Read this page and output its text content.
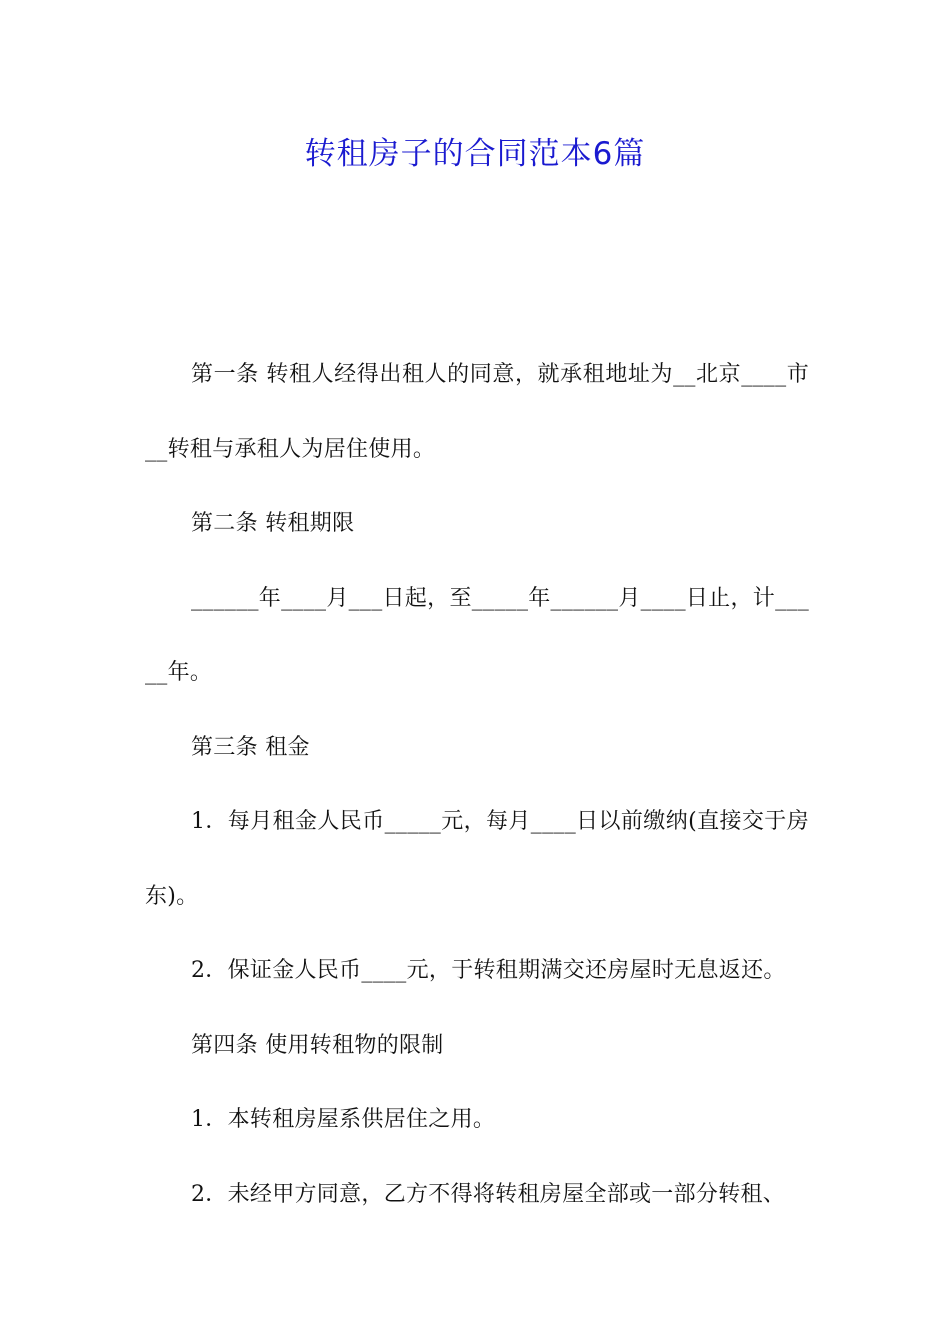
转租房子的合同范本6篇

第一条 转租人经得出租人的同意，就承租地址为__北京____市__转租与承租人为居住使用。

第二条 转租期限

______年____月___日起，至_____年______月____日止，计_____年。

第三条 租金

1．每月租金人民币_____元，每月____日以前缴纳(直接交于房东)。

2．保证金人民币____元，于转租期满交还房屋时无息返还。

第四条 使用转租物的限制

1．本转租房屋系供居住之用。

2．未经甲方同意，乙方不得将转租房屋全部或一部分转租、
